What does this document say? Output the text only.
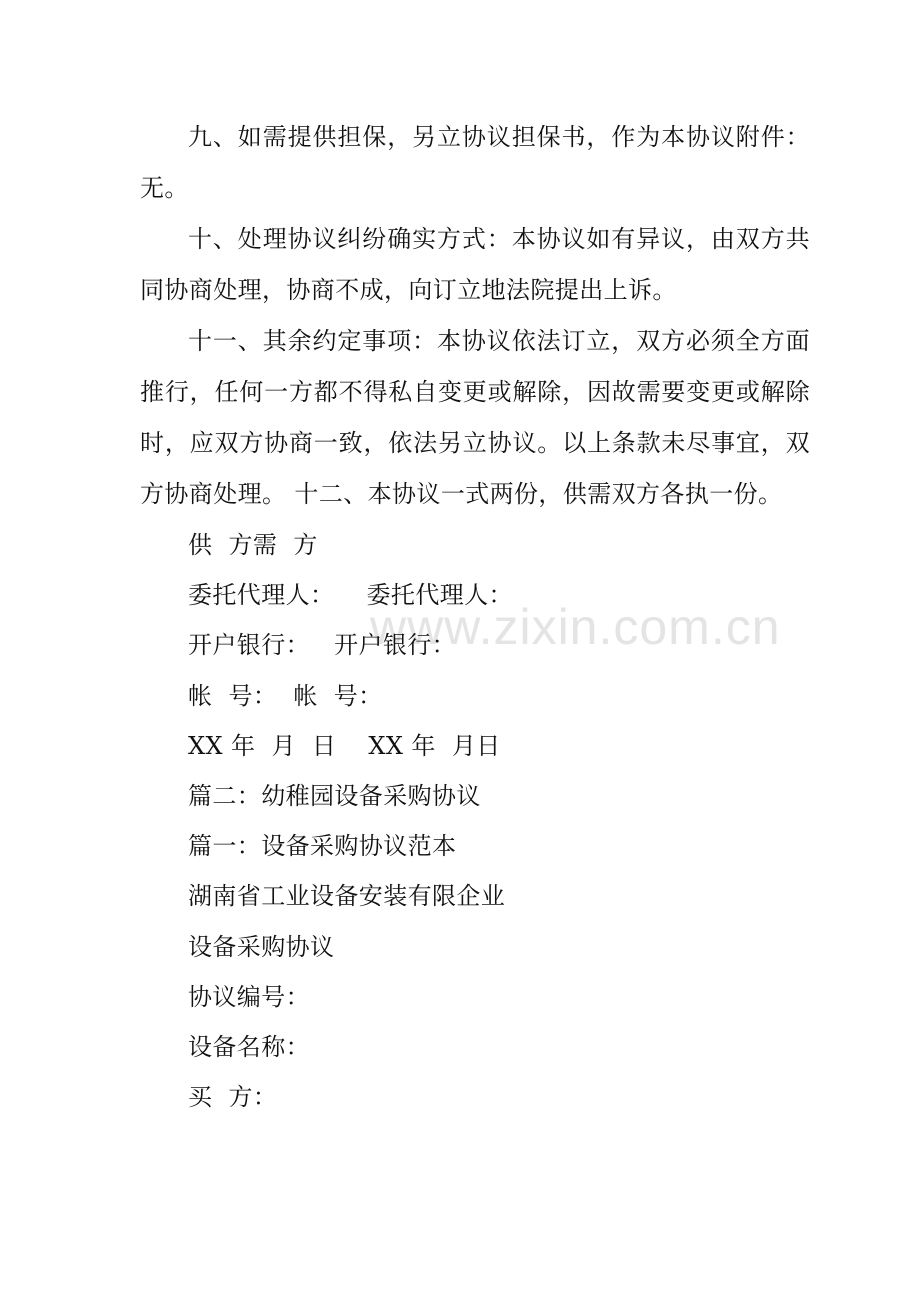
www.zixin.com.cn

九、如需提供担保，另立协议担保书，作为本协议附件：无。

十、处理协议纠纷确实方式：本协议如有异议，由双方共同协商处理，协商不成，向订立地法院提出上诉。

十一、其余约定事项：本协议依法订立，双方必须全方面推行，任何一方都不得私自变更或解除，因故需要变更或解除时，应双方协商一致，依法另立协议。以上条款未尽事宜，双方协商处理。 十二、本协议一式两份，供需双方各执一份。

供  方需  方

委托代理人：    委托代理人：

开户银行：   开户银行：

帐  号：  帐  号：

XX 年  月  日    XX 年  月日

篇二：幼稚园设备采购协议

篇一：设备采购协议范本

湖南省工业设备安装有限企业

设备采购协议

协议编号：

设备名称：

买  方：
